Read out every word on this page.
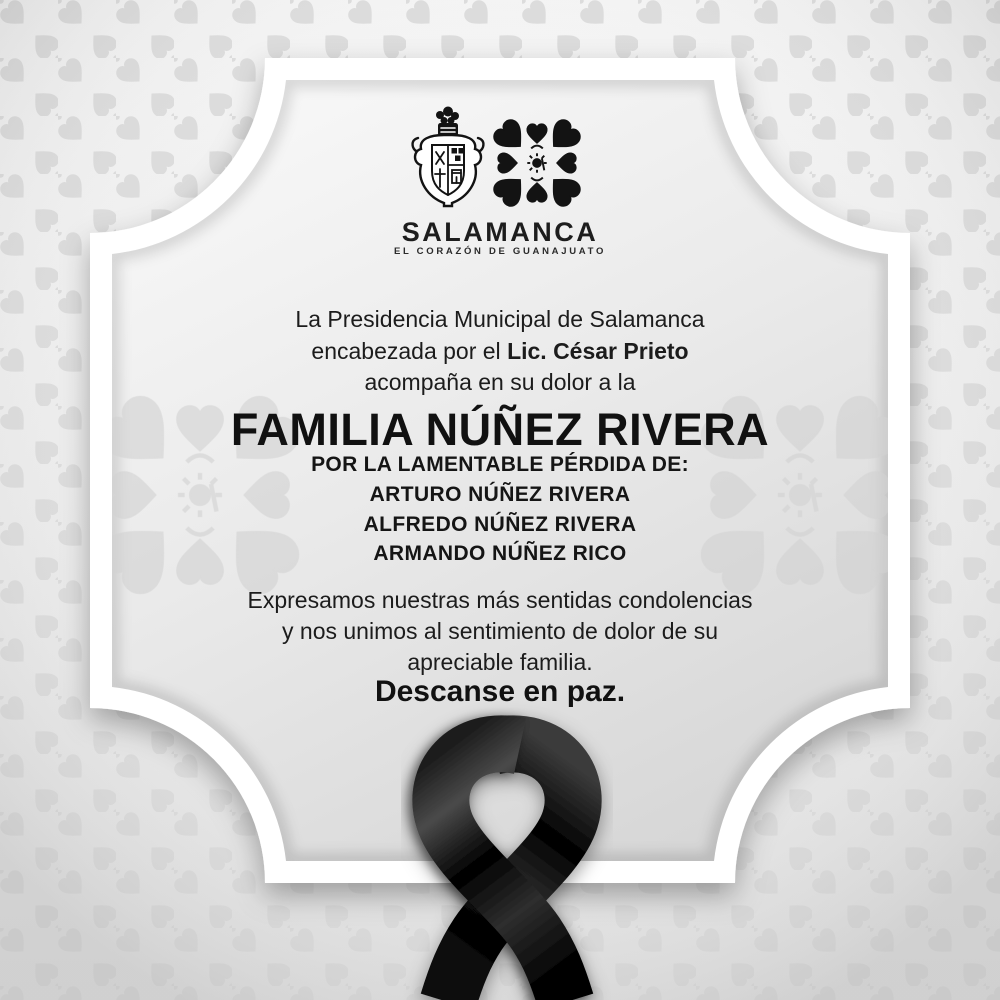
SALAMANCA
EL CORAZÓN DE GUANAJUATO
La Presidencia Municipal de Salamanca
encabezada por el Lic. César Prieto
acompaña en su dolor a la
FAMILIA NÚÑEZ RIVERA
POR LA LAMENTABLE PÉRDIDA DE:
ARTURO NÚÑEZ RIVERA
ALFREDO NÚÑEZ RIVERA
ARMANDO NÚÑEZ RICO
Expresamos nuestras más sentidas condolencias
y nos unimos al sentimiento de dolor de su
apreciable familia.
Descanse en paz.
